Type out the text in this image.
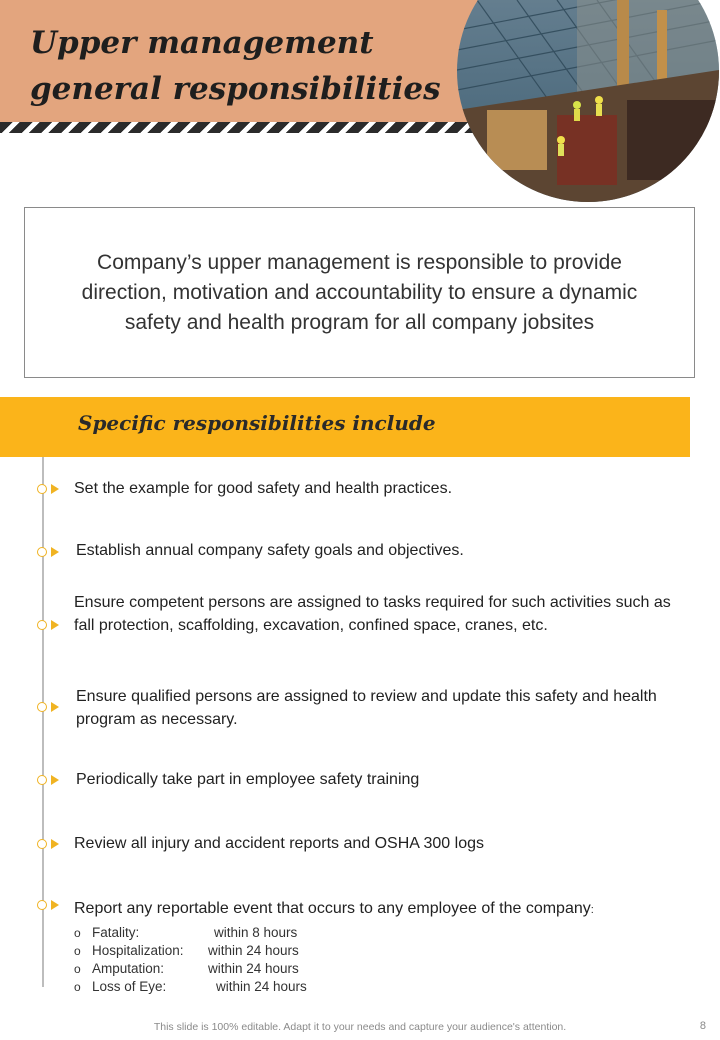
Upper management
general responsibilities
Company’s upper management is responsible to provide direction, motivation and accountability to ensure a dynamic safety and health program for all company jobsites
Specific responsibilities include
Set the example for good safety and health practices.
Establish annual company safety goals and objectives.
Ensure competent persons are assigned to tasks required for such activities such as fall protection, scaffolding, excavation, confined space, cranes, etc.
Ensure qualified persons are assigned to review and update this safety and health program as necessary.
Periodically take part in employee safety training
Review all injury and accident reports and OSHA 300 logs
Report any reportable event that occurs to any employee of the company:
o Fatality:	within 8 hours
o Hospitalization:	within 24 hours
o Amputation:	within 24 hours
o Loss of Eye:	within 24 hours
This slide is 100% editable. Adapt it to your needs and capture your audience's attention.	8
